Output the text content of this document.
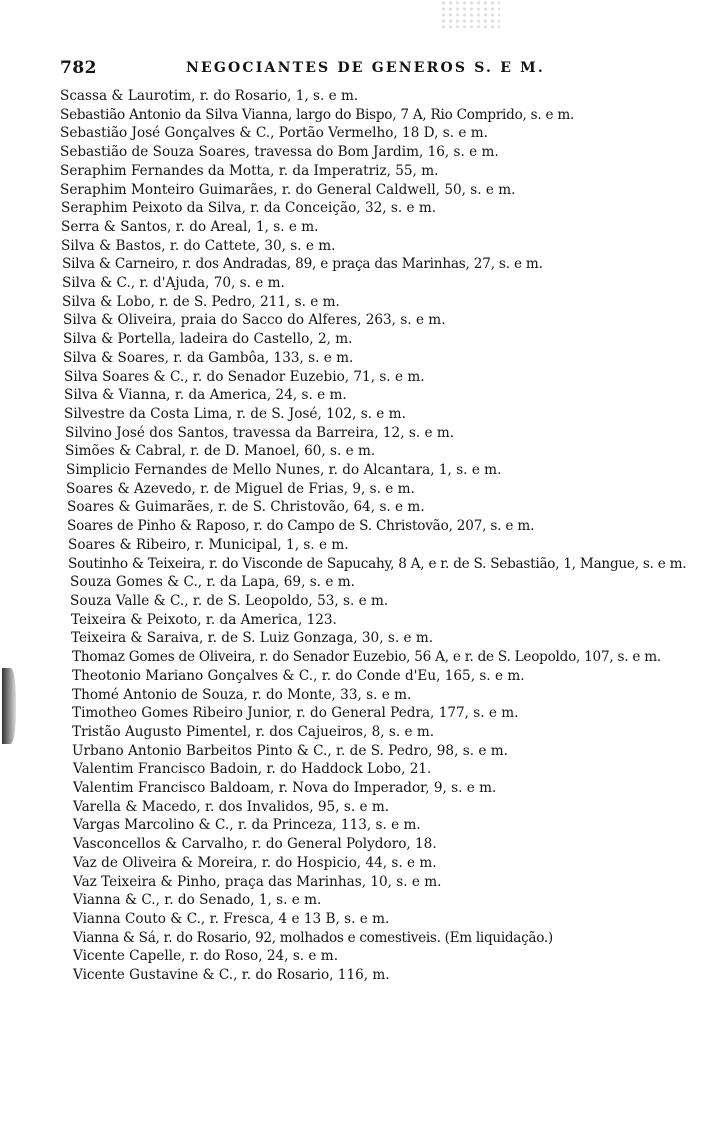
782	NEGOCIANTES DE GENEROS S. E M.
Scassa & Laurotim, r. do Rosario, 1, s. e m.
Sebastião Antonio da Silva Vianna, largo do Bispo, 7 A, Rio Comprido, s. e m.
Sebastião José Gonçalves & C., Portão Vermelho, 18 D, s. e m.
Sebastião de Souza Soares, travessa do Bom Jardim, 16, s. e m.
Seraphim Fernandes da Motta, r. da Imperatriz, 55, m.
Seraphim Monteiro Guimarães, r. do General Caldwell, 50, s. e m.
Seraphim Peixoto da Silva, r. da Conceição, 32, s. e m.
Serra & Santos, r. do Areal, 1, s. e m.
Silva & Bastos, r. do Cattete, 30, s. e m.
Silva & Carneiro, r. dos Andradas, 89, e praça das Marinhas, 27, s. e m.
Silva & C., r. d'Ajuda, 70, s. e m.
Silva & Lobo, r. de S. Pedro, 211, s. e m.
Silva & Oliveira, praia do Sacco do Alferes, 263, s. e m.
Silva & Portella, ladeira do Castello, 2, m.
Silva & Soares, r. da Gambôa, 133, s. e m.
Silva Soares & C., r. do Senador Euzebio, 71, s. e m.
Silva & Vianna, r. da America, 24, s. e m.
Silvestre da Costa Lima, r. de S. José, 102, s. e m.
Silvino José dos Santos, travessa da Barreira, 12, s. e m.
Simões & Cabral, r. de D. Manoel, 60, s. e m.
Simplicio Fernandes de Mello Nunes, r. do Alcantara, 1, s. e m.
Soares & Azevedo, r. de Miguel de Frias, 9, s. e m.
Soares & Guimarães, r. de S. Christovão, 64, s. e m.
Soares de Pinho & Raposo, r. do Campo de S. Christovão, 207, s. e m.
Soares & Ribeiro, r. Municipal, 1, s. e m.
Soutinho & Teixeira, r. do Visconde de Sapucahy, 8 A, e r. de S. Sebastião, 1, Mangue, s. e m.
Souza Gomes & C., r. da Lapa, 69, s. e m.
Souza Valle & C., r. de S. Leopoldo, 53, s. e m.
Teixeira & Peixoto, r. da America, 123.
Teixeira & Saraiva, r. de S. Luiz Gonzaga, 30, s. e m.
Thomaz Gomes de Oliveira, r. do Senador Euzebio, 56 A, e r. de S. Leopoldo, 107, s. e m.
Theotonio Mariano Gonçalves & C., r. do Conde d'Eu, 165, s. e m.
Thomé Antonio de Souza, r. do Monte, 33, s. e m.
Timotheo Gomes Ribeiro Junior, r. do General Pedra, 177, s. e m.
Tristão Augusto Pimentel, r. dos Cajueiros, 8, s. e m.
Urbano Antonio Barbeitos Pinto & C., r. de S. Pedro, 98, s. e m.
Valentim Francisco Badoin, r. do Haddock Lobo, 21.
Valentim Francisco Baldoam, r. Nova do Imperador, 9, s. e m.
Varella & Macedo, r. dos Invalidos, 95, s. e m.
Vargas Marcolino & C., r. da Princeza, 113, s. e m.
Vasconcellos & Carvalho, r. do General Polydoro, 18.
Vaz de Oliveira & Moreira, r. do Hospicio, 44, s. e m.
Vaz Teixeira & Pinho, praça das Marinhas, 10, s. e m.
Vianna & C., r. do Senado, 1, s. e m.
Vianna Couto & C., r. Fresca, 4 e 13 B, s. e m.
Vianna & Sá, r. do Rosario, 92, molhados e comestiveis. (Em liquidação.)
Vicente Capelle, r. do Roso, 24, s. e m.
Vicente Gustavine & C., r. do Rosario, 116, m.
